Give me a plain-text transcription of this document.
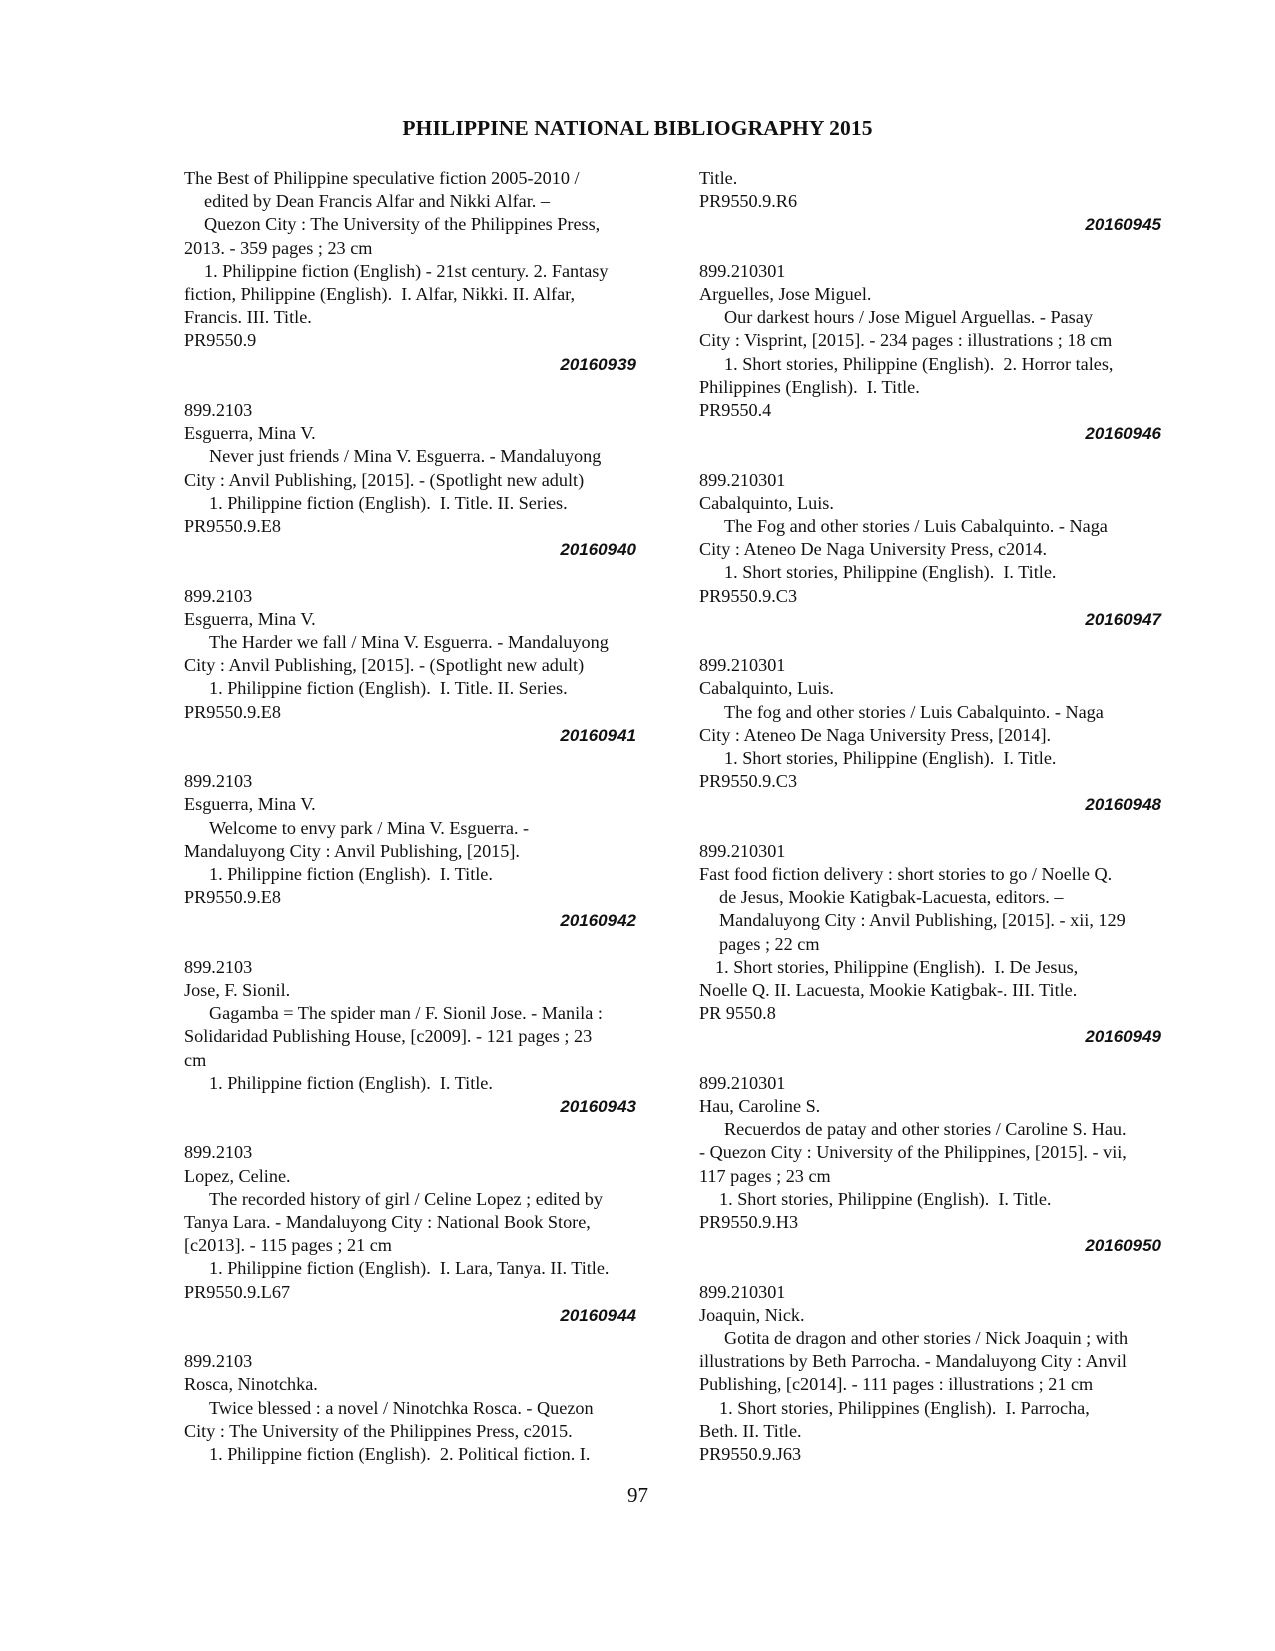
PHILIPPINE NATIONAL BIBLIOGRAPHY 2015
The Best of Philippine speculative fiction 2005-2010 /
edited by Dean Francis Alfar and Nikki Alfar. –
Quezon City : The University of the Philippines Press,
2013. - 359 pages ; 23 cm
1. Philippine fiction (English) - 21st century. 2. Fantasy
fiction, Philippine (English).  I. Alfar, Nikki. II. Alfar,
Francis. III. Title.
PR9550.9
20160939
899.2103
Esguerra, Mina V.
Never just friends / Mina V. Esguerra. - Mandaluyong
City : Anvil Publishing, [2015]. - (Spotlight new adult)
1. Philippine fiction (English).  I. Title. II. Series.
PR9550.9.E8
20160940
899.2103
Esguerra, Mina V.
The Harder we fall / Mina V. Esguerra. - Mandaluyong
City : Anvil Publishing, [2015]. - (Spotlight new adult)
1. Philippine fiction (English).  I. Title. II. Series.
PR9550.9.E8
20160941
899.2103
Esguerra, Mina V.
Welcome to envy park / Mina V. Esguerra. -
Mandaluyong City : Anvil Publishing, [2015].
1. Philippine fiction (English).  I. Title.
PR9550.9.E8
20160942
899.2103
Jose, F. Sionil.
Gagamba = The spider man / F. Sionil Jose. - Manila :
Solidaridad Publishing House, [c2009]. - 121 pages ; 23
cm
1. Philippine fiction (English).  I. Title.
20160943
899.2103
Lopez, Celine.
The recorded history of girl / Celine Lopez ; edited by
Tanya Lara. - Mandaluyong City : National Book Store,
[c2013]. - 115 pages ; 21 cm
1. Philippine fiction (English).  I. Lara, Tanya. II. Title.
PR9550.9.L67
20160944
899.2103
Rosca, Ninotchka.
Twice blessed : a novel / Ninotchka Rosca. - Quezon
City : The University of the Philippines Press, c2015.
1. Philippine fiction (English).  2. Political fiction. I.
Title.
PR9550.9.R6
20160945
899.210301
Arguelles, Jose Miguel.
Our darkest hours / Jose Miguel Arguellas. - Pasay
City : Visprint, [2015]. - 234 pages : illustrations ; 18 cm
1. Short stories, Philippine (English).  2. Horror tales,
Philippines (English).  I. Title.
PR9550.4
20160946
899.210301
Cabalquinto, Luis.
The Fog and other stories / Luis Cabalquinto. - Naga
City : Ateneo De Naga University Press, c2014.
1. Short stories, Philippine (English).  I. Title.
PR9550.9.C3
20160947
899.210301
Cabalquinto, Luis.
The fog and other stories / Luis Cabalquinto. - Naga
City : Ateneo De Naga University Press, [2014].
1. Short stories, Philippine (English).  I. Title.
PR9550.9.C3
20160948
899.210301
Fast food fiction delivery : short stories to go / Noelle Q.
de Jesus, Mookie Katigbak-Lacuesta, editors. –
Mandaluyong City : Anvil Publishing, [2015]. - xii, 129
pages ; 22 cm
1. Short stories, Philippine (English).  I. De Jesus,
Noelle Q. II. Lacuesta, Mookie Katigbak-. III. Title.
PR 9550.8
20160949
899.210301
Hau, Caroline S.
Recuerdos de patay and other stories / Caroline S. Hau.
- Quezon City : University of the Philippines, [2015]. - vii,
117 pages ; 23 cm
1. Short stories, Philippine (English).  I. Title.
PR9550.9.H3
20160950
899.210301
Joaquin, Nick.
Gotita de dragon and other stories / Nick Joaquin ; with
illustrations by Beth Parrocha. - Mandaluyong City : Anvil
Publishing, [c2014]. - 111 pages : illustrations ; 21 cm
1. Short stories, Philippines (English).  I. Parrocha,
Beth. II. Title.
PR9550.9.J63
97
